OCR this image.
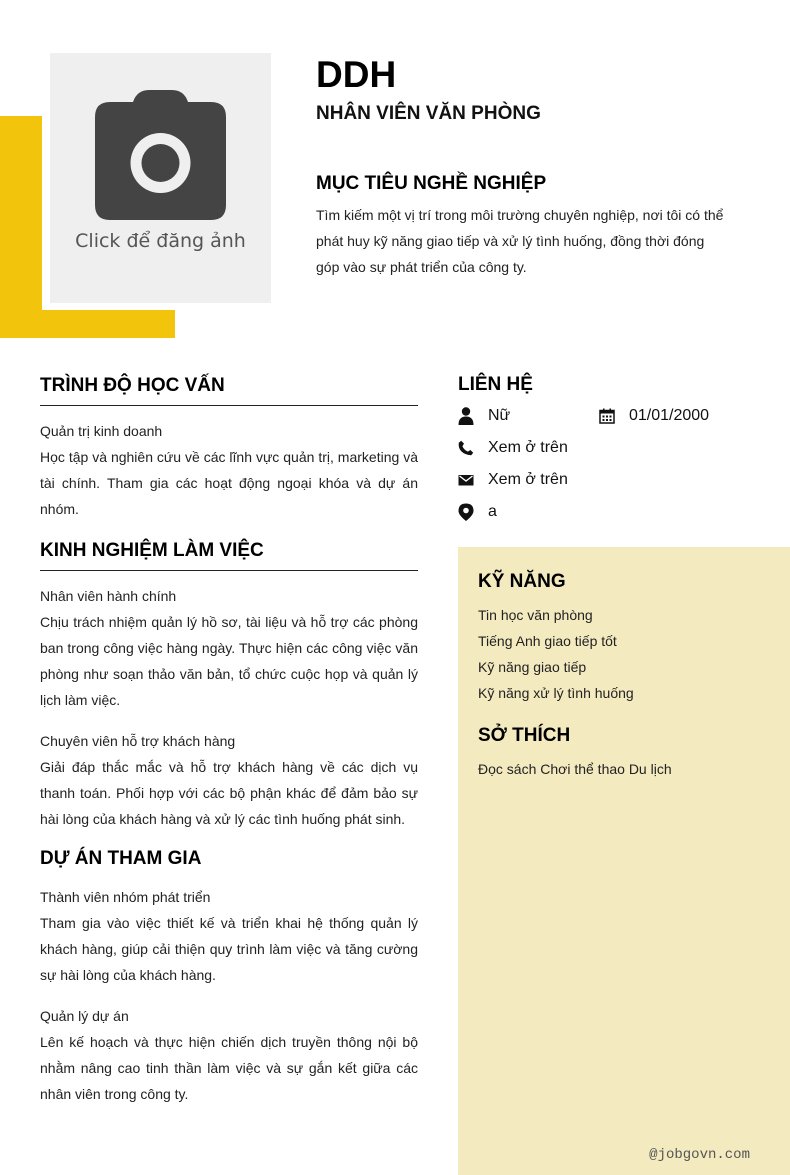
Click để đăng ảnh
DDH
NHÂN VIÊN VĂN PHÒNG
MỤC TIÊU NGHỀ NGHIỆP
Tìm kiếm một vị trí trong môi trường chuyên nghiệp, nơi tôi có thể phát huy kỹ năng giao tiếp và xử lý tình huống, đồng thời đóng góp vào sự phát triển của công ty.
TRÌNH ĐỘ HỌC VẤN
Quản trị kinh doanh
Học tập và nghiên cứu về các lĩnh vực quản trị, marketing và tài chính. Tham gia các hoạt động ngoại khóa và dự án nhóm.
KINH NGHIỆM LÀM VIỆC
Nhân viên hành chính
Chịu trách nhiệm quản lý hồ sơ, tài liệu và hỗ trợ các phòng ban trong công việc hàng ngày. Thực hiện các công việc văn phòng như soạn thảo văn bản, tổ chức cuộc họp và quản lý lịch làm việc.
Chuyên viên hỗ trợ khách hàng
Giải đáp thắc mắc và hỗ trợ khách hàng về các dịch vụ thanh toán. Phối hợp với các bộ phận khác để đảm bảo sự hài lòng của khách hàng và xử lý các tình huống phát sinh.
DỰ ÁN THAM GIA
Thành viên nhóm phát triển
Tham gia vào việc thiết kế và triển khai hệ thống quản lý khách hàng, giúp cải thiện quy trình làm việc và tăng cường sự hài lòng của khách hàng.
Quản lý dự án
Lên kế hoạch và thực hiện chiến dịch truyền thông nội bộ nhằm nâng cao tinh thần làm việc và sự gắn kết giữa các nhân viên trong công ty.
LIÊN HỆ
Nữ	01/01/2000
Xem ở trên
Xem ở trên
a
KỸ NĂNG
Tin học văn phòng
Tiếng Anh giao tiếp tốt
Kỹ năng giao tiếp
Kỹ năng xử lý tình huống
SỞ THÍCH
Đọc sách Chơi thể thao Du lịch
@jobgovn.com
